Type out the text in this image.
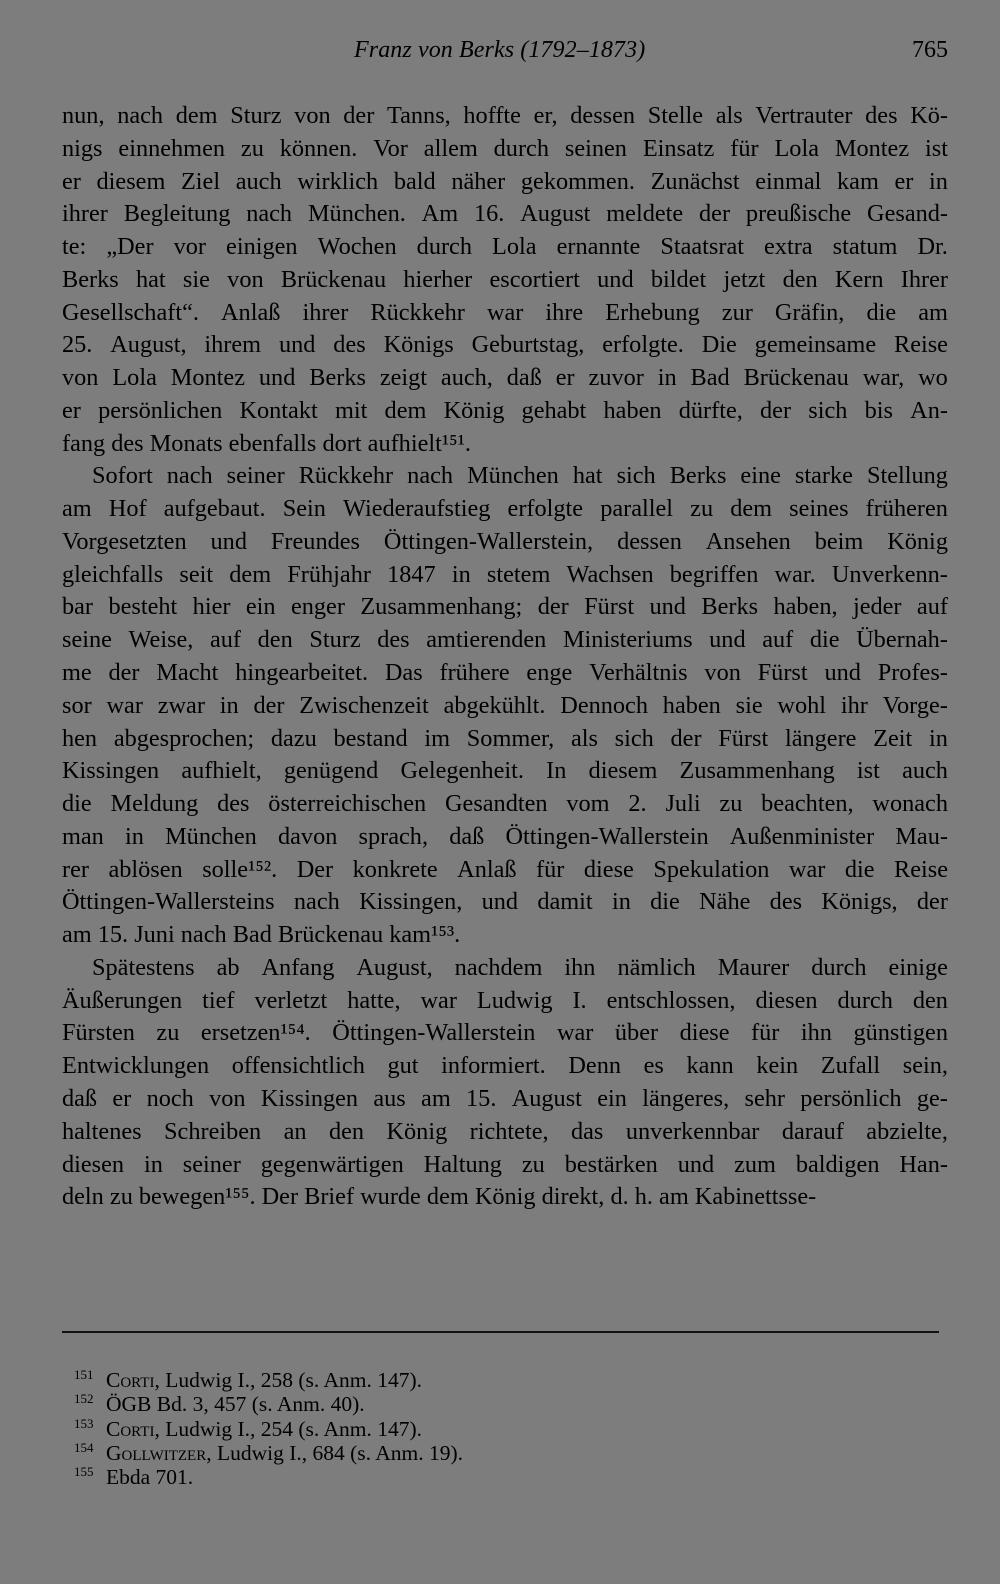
Franz von Berks (1792–1873)	765
nun, nach dem Sturz von der Tanns, hoffte er, dessen Stelle als Vertrauter des Kö-
nigs einnehmen zu können. Vor allem durch seinen Einsatz für Lola Montez ist
er diesem Ziel auch wirklich bald näher gekommen. Zunächst einmal kam er in
ihrer Begleitung nach München. Am 16. August meldete der preußische Gesand-
te: „Der vor einigen Wochen durch Lola ernannte Staatsrat extra statum Dr.
Berks hat sie von Brückenau hierher escortiert und bildet jetzt den Kern Ihrer
Gesellschaft“. Anlaß ihrer Rückkehr war ihre Erhebung zur Gräfin, die am
25. August, ihrem und des Königs Geburtstag, erfolgte. Die gemeinsame Reise
von Lola Montez und Berks zeigt auch, daß er zuvor in Bad Brückenau war, wo
er persönlichen Kontakt mit dem König gehabt haben dürfte, der sich bis An-
fang des Monats ebenfalls dort aufhielt¹⁵¹.
Sofort nach seiner Rückkehr nach München hat sich Berks eine starke Stellung
am Hof aufgebaut. Sein Wiederaufstieg erfolgte parallel zu dem seines früheren
Vorgesetzten und Freundes Öttingen-Wallerstein, dessen Ansehen beim König
gleichfalls seit dem Frühjahr 1847 in stetem Wachsen begriffen war. Unverkenn-
bar besteht hier ein enger Zusammenhang; der Fürst und Berks haben, jeder auf
seine Weise, auf den Sturz des amtierenden Ministeriums und auf die Übernah-
me der Macht hingearbeitet. Das frühere enge Verhältnis von Fürst und Profes-
sor war zwar in der Zwischenzeit abgekühlt. Dennoch haben sie wohl ihr Vorge-
hen abgesprochen; dazu bestand im Sommer, als sich der Fürst längere Zeit in
Kissingen aufhielt, genügend Gelegenheit. In diesem Zusammenhang ist auch
die Meldung des österreichischen Gesandten vom 2. Juli zu beachten, wonach
man in München davon sprach, daß Öttingen-Wallerstein Außenminister Mau-
rer ablösen solle¹⁵². Der konkrete Anlaß für diese Spekulation war die Reise
Öttingen-Wallersteins nach Kissingen, und damit in die Nähe des Königs, der
am 15. Juni nach Bad Brückenau kam¹⁵³.
Spätestens ab Anfang August, nachdem ihn nämlich Maurer durch einige
Äußerungen tief verletzt hatte, war Ludwig I. entschlossen, diesen durch den
Fürsten zu ersetzen¹⁵⁴. Öttingen-Wallerstein war über diese für ihn günstigen
Entwicklungen offensichtlich gut informiert. Denn es kann kein Zufall sein,
daß er noch von Kissingen aus am 15. August ein längeres, sehr persönlich ge-
haltenes Schreiben an den König richtete, das unverkennbar darauf abzielte,
diesen in seiner gegenwärtigen Haltung zu bestärken und zum baldigen Han-
deln zu bewegen¹⁵⁵. Der Brief wurde dem König direkt, d. h. am Kabinettsse-
151 Corti, Ludwig I., 258 (s. Anm. 147).
152 ÖGB Bd. 3, 457 (s. Anm. 40).
153 Corti, Ludwig I., 254 (s. Anm. 147).
154 Gollwitzer, Ludwig I., 684 (s. Anm. 19).
155 Ebda 701.
